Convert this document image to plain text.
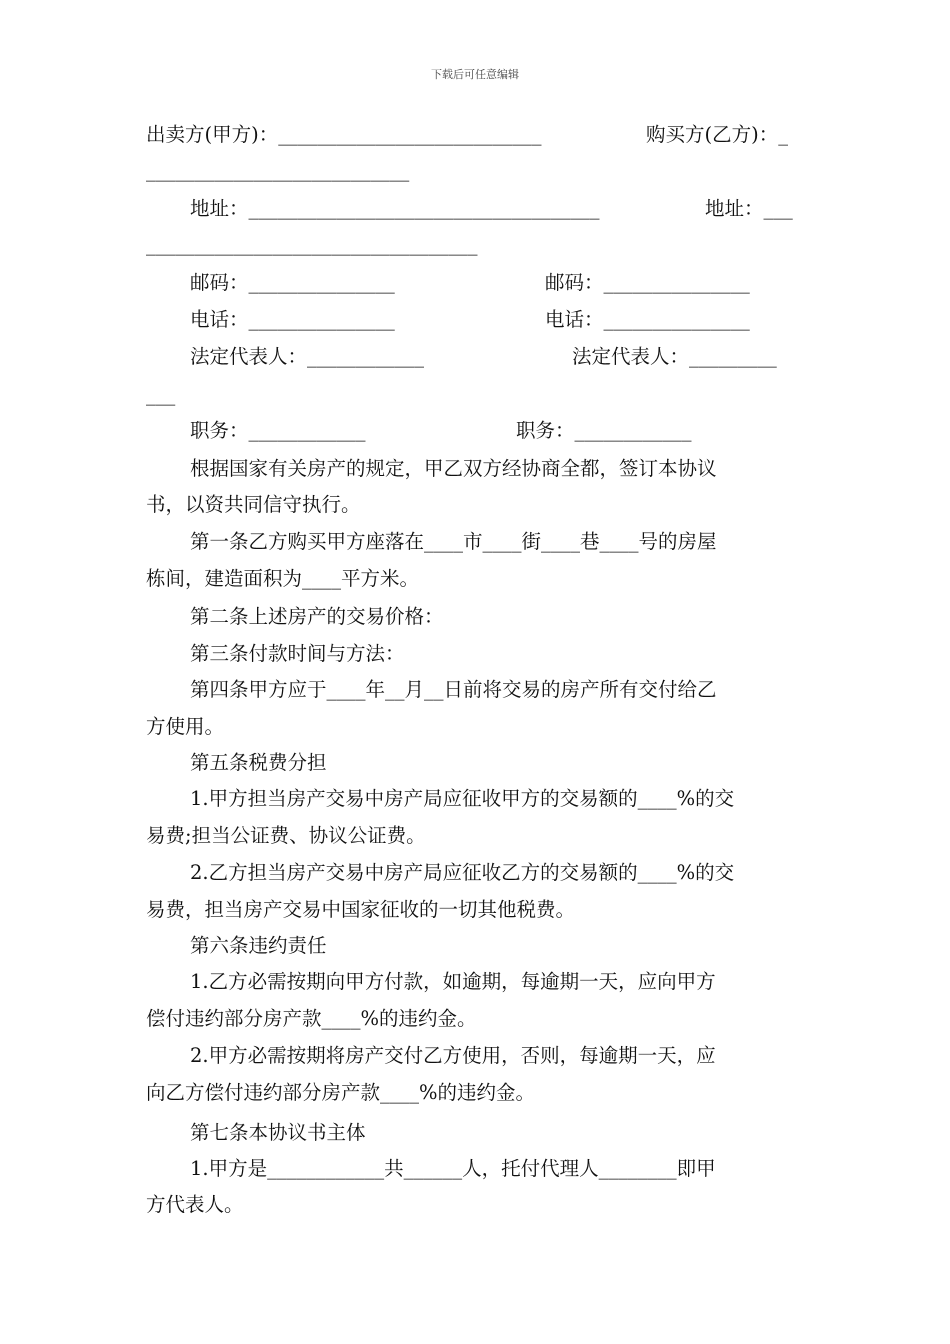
下载后可任意编辑
出卖方(甲方)：___________________________	购买方(乙方)：_
___________________________
地址：____________________________________	地址：___
__________________________________
邮码：_______________	邮码：_______________
电话：_______________	电话：_______________
法定代表人：____________	法定代表人：_________
___
职务：____________	职务：____________
根据国家有关房产的规定，甲乙双方经协商全都，签订本协议
书，以资共同信守执行。
第一条乙方购买甲方座落在____市____街____巷____号的房屋
栋间，建造面积为____平方米。
第二条上述房产的交易价格：
第三条付款时间与方法：
第四条甲方应于____年__月__日前将交易的房产所有交付给乙
方使用。
第五条税费分担
1.甲方担当房产交易中房产局应征收甲方的交易额的____%的交
易费;担当公证费、协议公证费。
2.乙方担当房产交易中房产局应征收乙方的交易额的____%的交
易费，担当房产交易中国家征收的一切其他税费。
第六条违约责任
1.乙方必需按期向甲方付款，如逾期，每逾期一天，应向甲方
偿付违约部分房产款____%的违约金。
2.甲方必需按期将房产交付乙方使用，否则，每逾期一天，应
向乙方偿付违约部分房产款____%的违约金。
第七条本协议书主体
1.甲方是____________共______人，托付代理人________即甲
方代表人。
